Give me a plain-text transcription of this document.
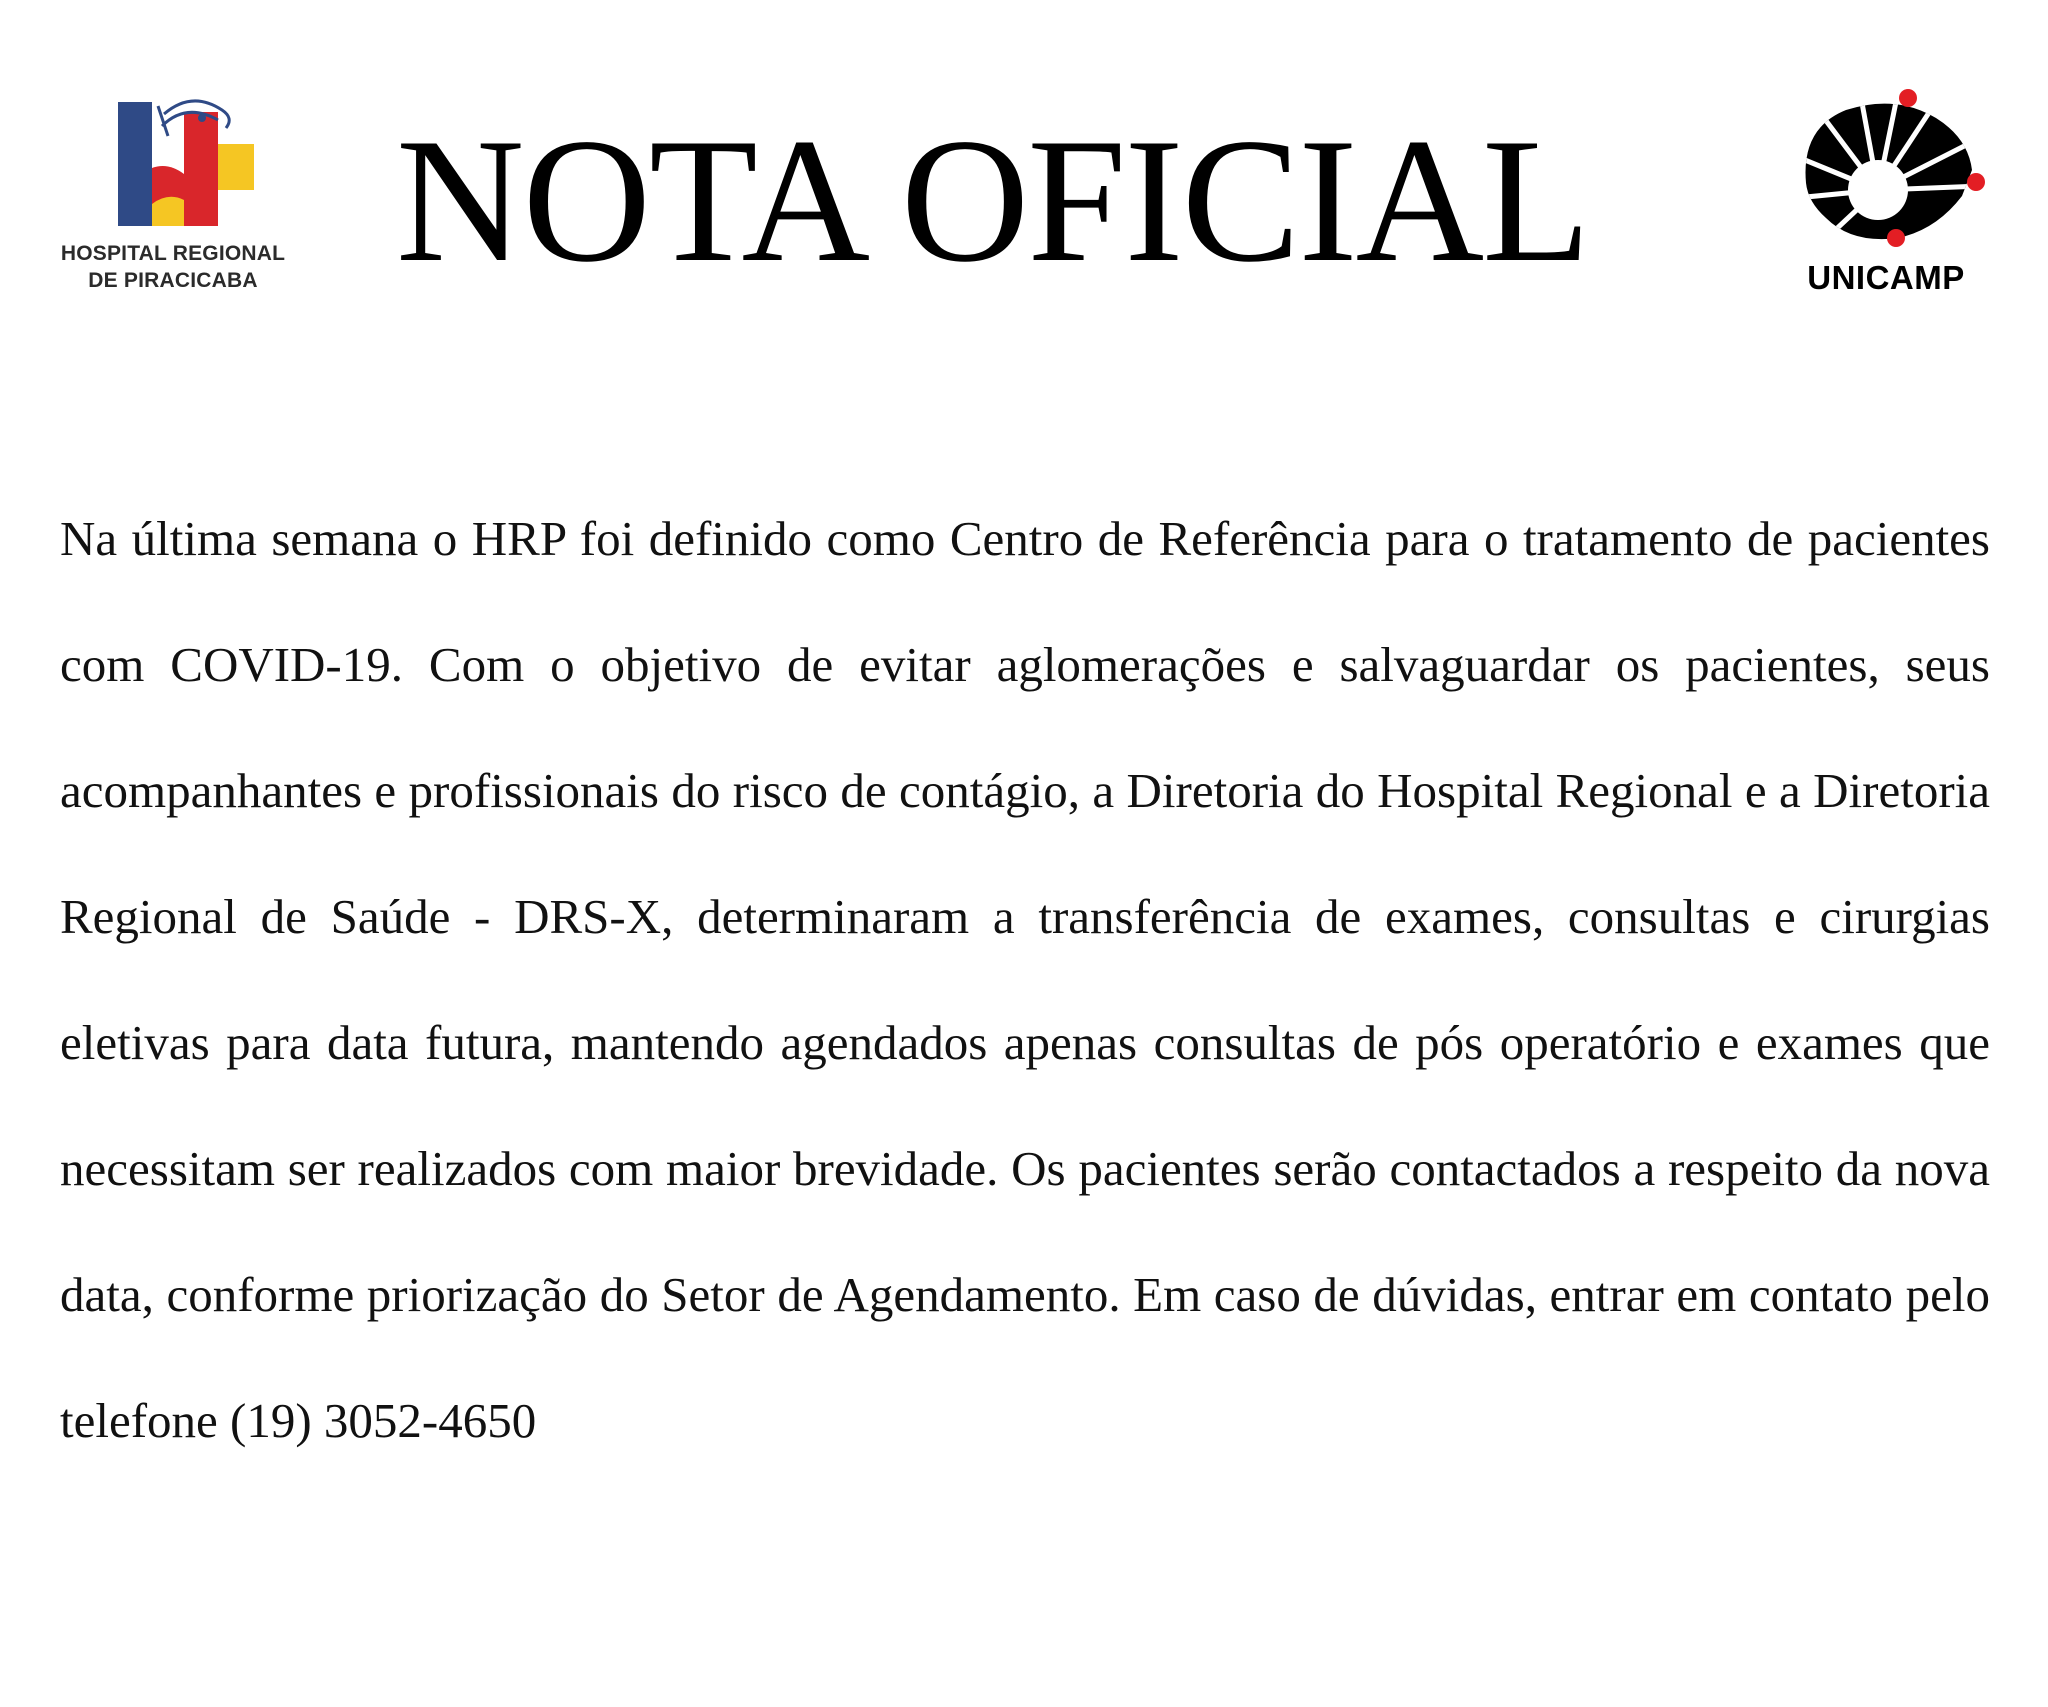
HOSPITAL REGIONAL
DE PIRACICABA NOTA OFICIAL	UNICAMP

Na última semana o HRP foi definido como Centro de Referência para o tratamento de pacientes com COVID-19. Com o objetivo de evitar aglomerações e salvaguardar os pacientes, seus acompanhantes e profissionais do risco de contágio, a Diretoria do Hospital Regional e a Diretoria Regional de Saúde - DRS-X, determinaram a transferência de exames, consultas e cirurgias eletivas para data futura, mantendo agendados apenas consultas de pós operatório e exames que necessitam ser realizados com maior brevidade. Os pacientes serão contactados a respeito da nova data, conforme priorização do Setor de Agendamento. Em caso de dúvidas, entrar em contato pelo telefone (19) 3052-4650
